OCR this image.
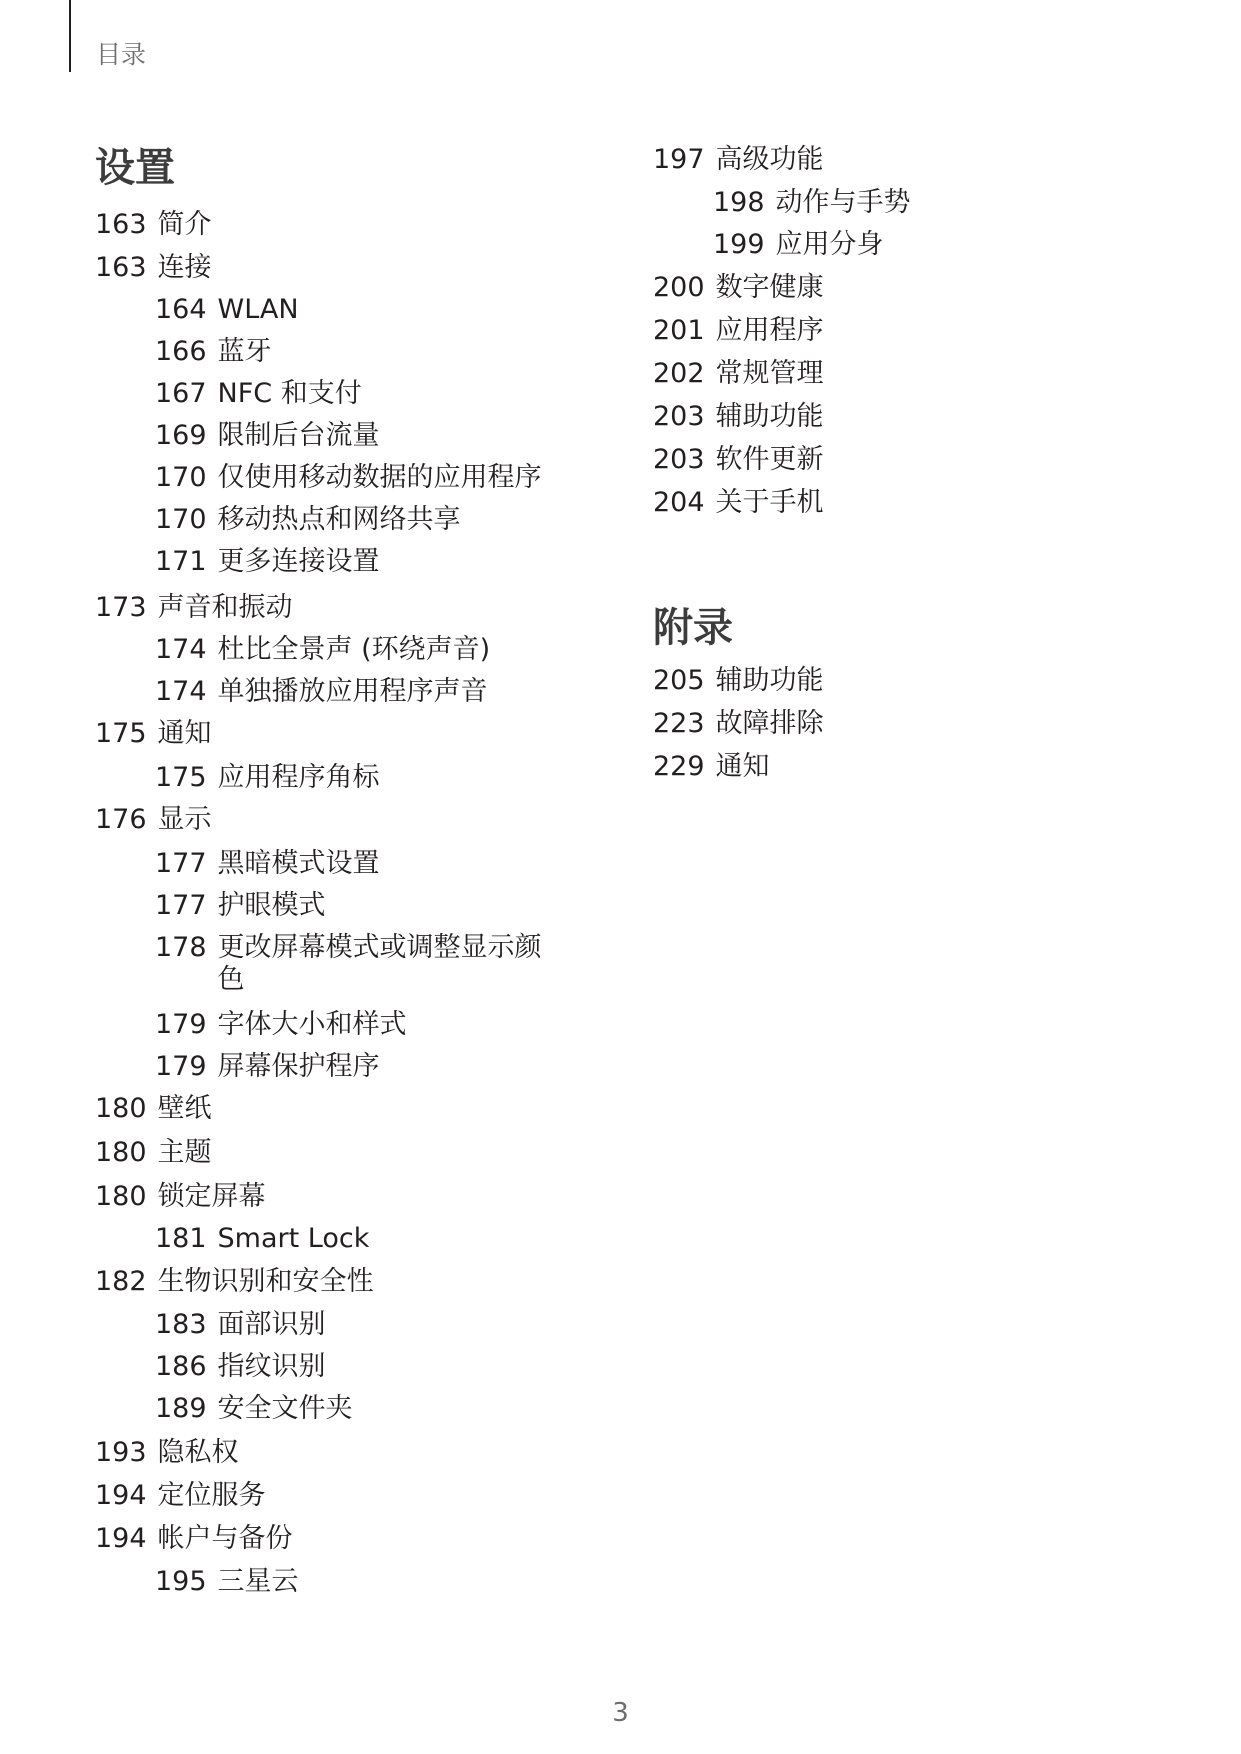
目录
设置
163 简介
163 连接
164 WLAN
166 蓝牙
167 NFC 和支付
169 限制后台流量
170 仅使用移动数据的应用程序
170 移动热点和网络共享
171 更多连接设置
173 声音和振动
174 杜比全景声 (环绕声音)
174 单独播放应用程序声音
175 通知
175 应用程序角标
176 显示
177 黑暗模式设置
177 护眼模式
178 更改屏幕模式或调整显示颜色
179 字体大小和样式
179 屏幕保护程序
180 壁纸
180 主题
180 锁定屏幕
181 Smart Lock
182 生物识别和安全性
183 面部识别
186 指纹识别
189 安全文件夹
193 隐私权
194 定位服务
194 帐户与备份
195 三星云
197 高级功能
198 动作与手势
199 应用分身
200 数字健康
201 应用程序
202 常规管理
203 辅助功能
203 软件更新
204 关于手机
附录
205 辅助功能
223 故障排除
229 通知
3
